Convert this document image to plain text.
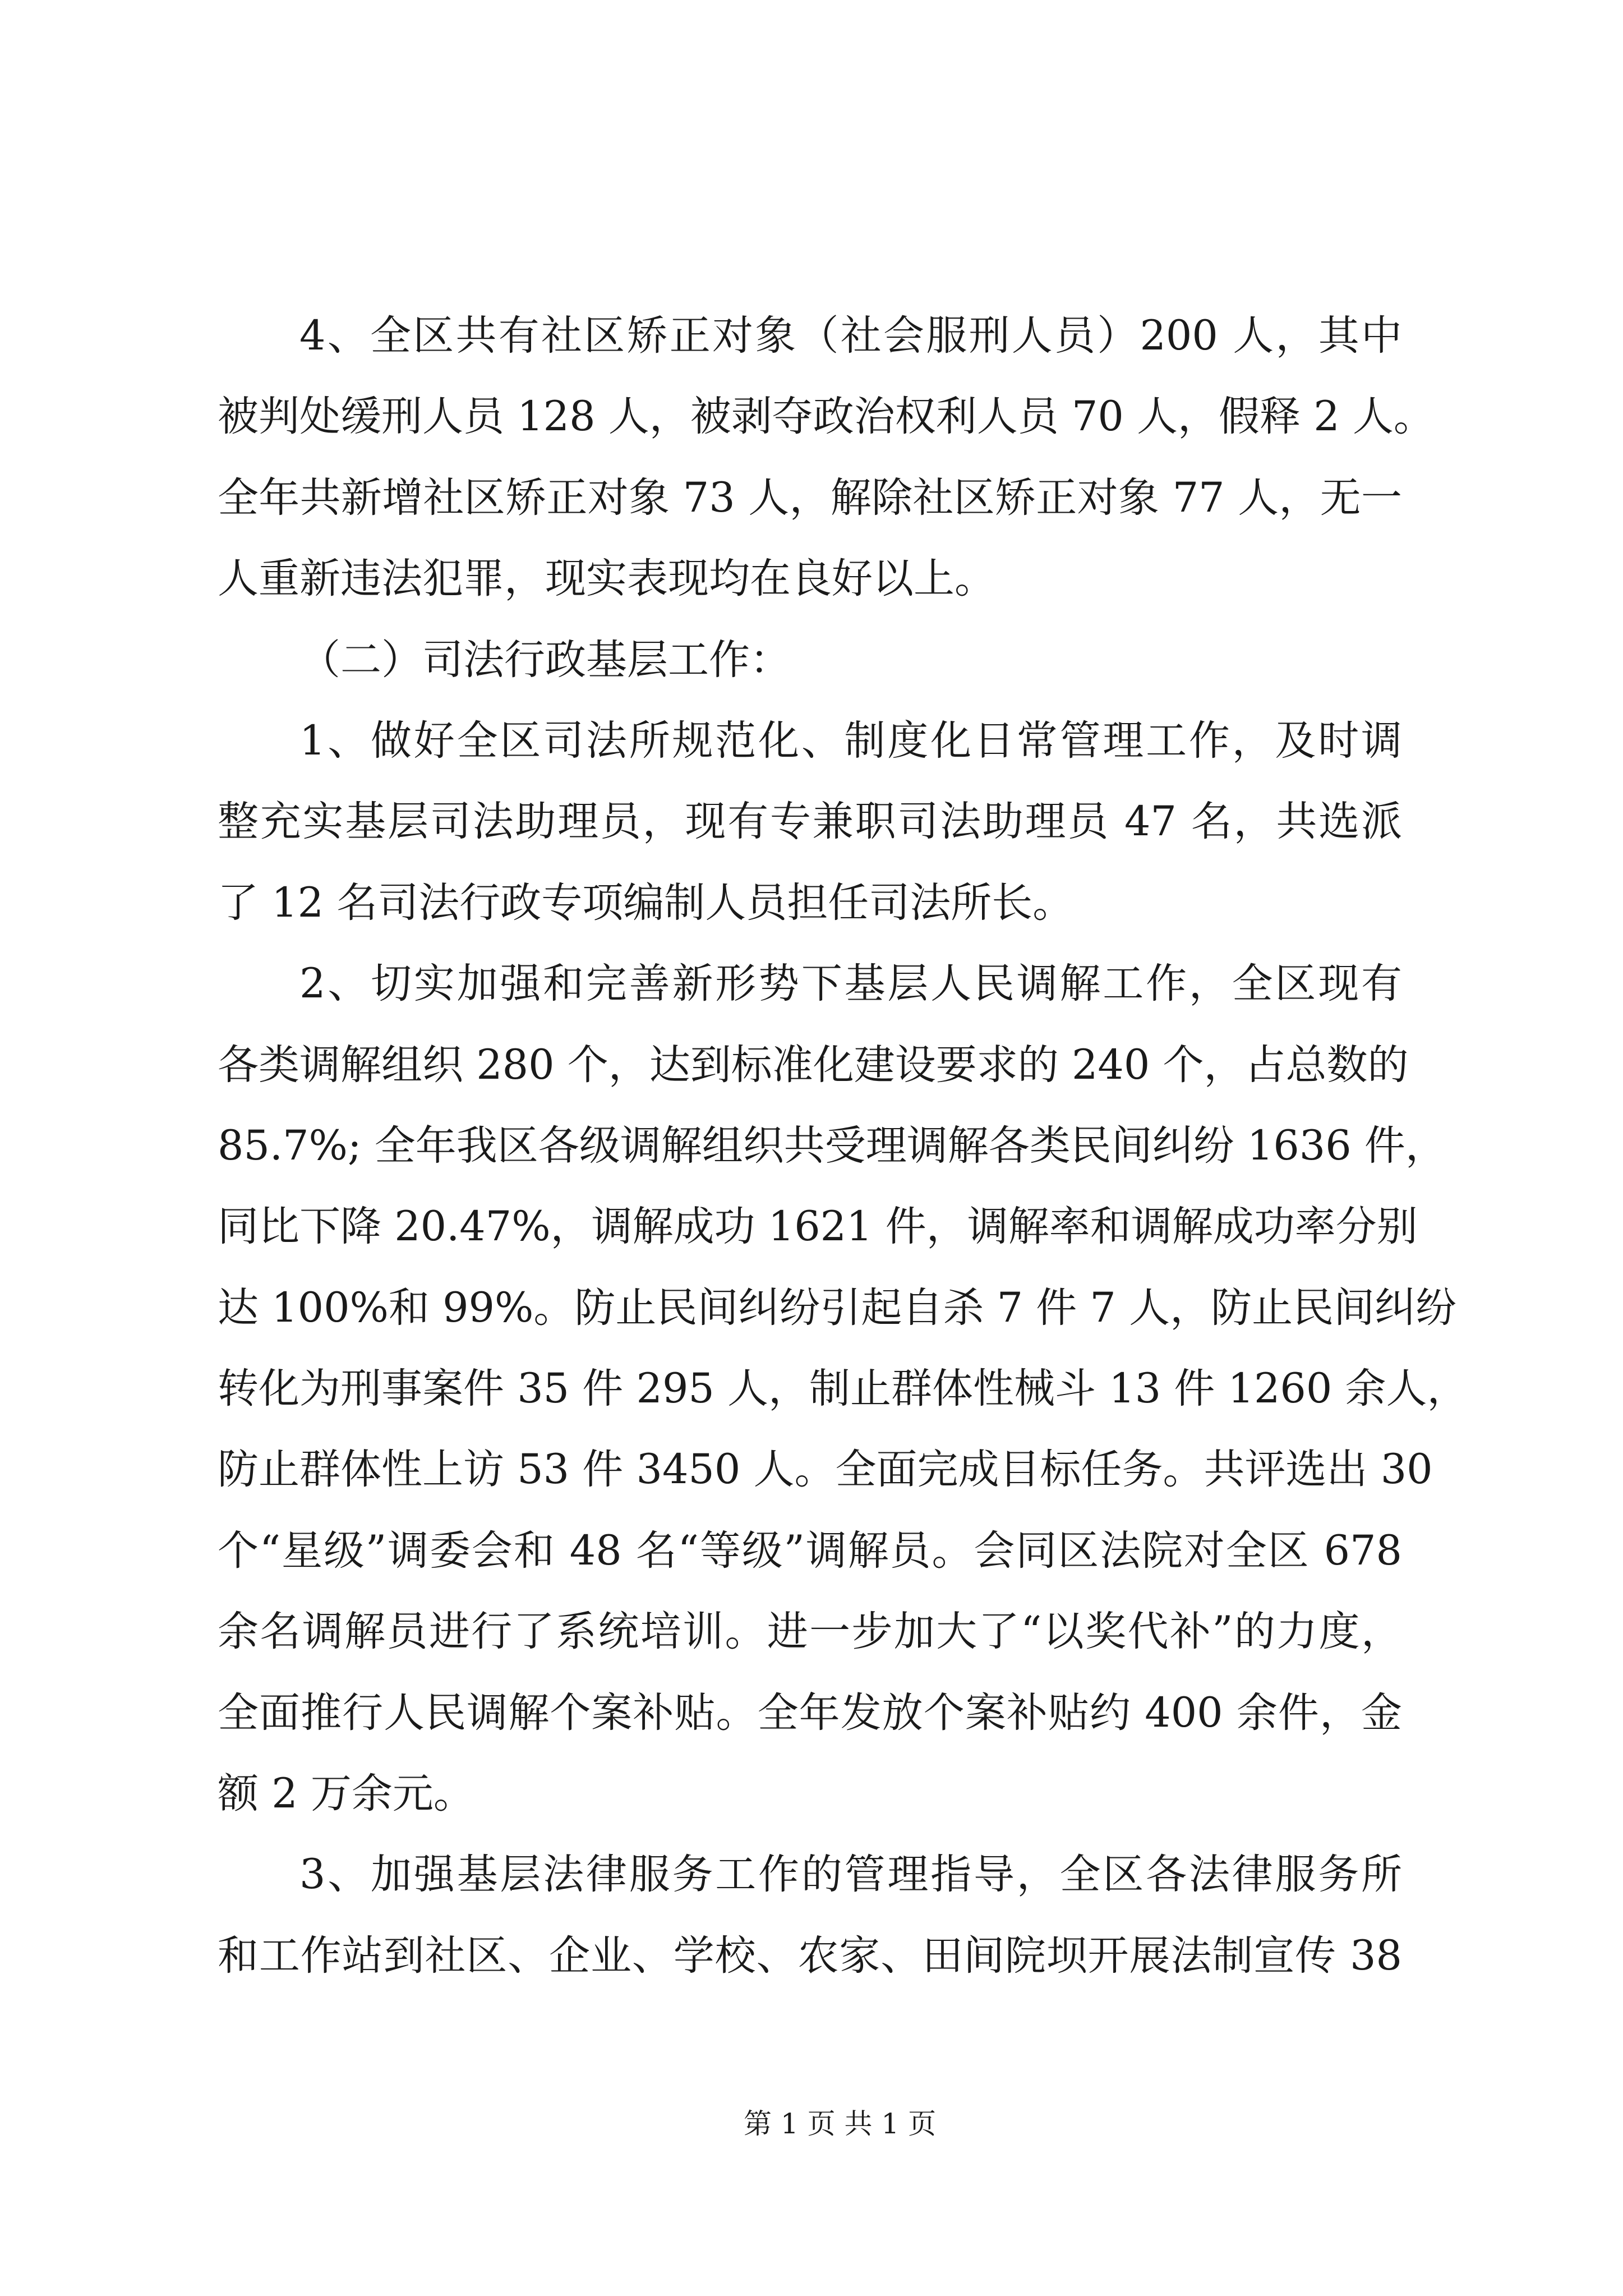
4、全区共有社区矫正对象（社会服刑人员）200 人，其中
被判处缓刑人员 128 人，被剥夺政治权利人员 70 人，假释 2 人。
全年共新增社区矫正对象 73 人，解除社区矫正对象 77 人，无一
人重新违法犯罪，现实表现均在良好以上。
（二）司法行政基层工作：
1、做好全区司法所规范化、制度化日常管理工作，及时调
整充实基层司法助理员，现有专兼职司法助理员 47 名，共选派
了 12 名司法行政专项编制人员担任司法所长。
2、切实加强和完善新形势下基层人民调解工作，全区现有
各类调解组织 280 个，达到标准化建设要求的 240 个，占总数的
85.7%; 全年我区各级调解组织共受理调解各类民间纠纷 1636 件，
同比下降 20.47%，调解成功 1621 件，调解率和调解成功率分别
达 100%和 99%。防止民间纠纷引起自杀 7 件 7 人，防止民间纠纷
转化为刑事案件 35 件 295 人，制止群体性械斗 13 件 1260 余人，
防止群体性上访 53 件 3450 人。全面完成目标任务。共评选出 30
个“星级”调委会和 48 名“等级”调解员。会同区法院对全区 678
余名调解员进行了系统培训。进一步加大了“以奖代补”的力度，
全面推行人民调解个案补贴。全年发放个案补贴约 400 余件，金
额 2 万余元。
3、加强基层法律服务工作的管理指导，全区各法律服务所
和工作站到社区、企业、学校、农家、田间院坝开展法制宣传 38
第 1 页 共 1 页
